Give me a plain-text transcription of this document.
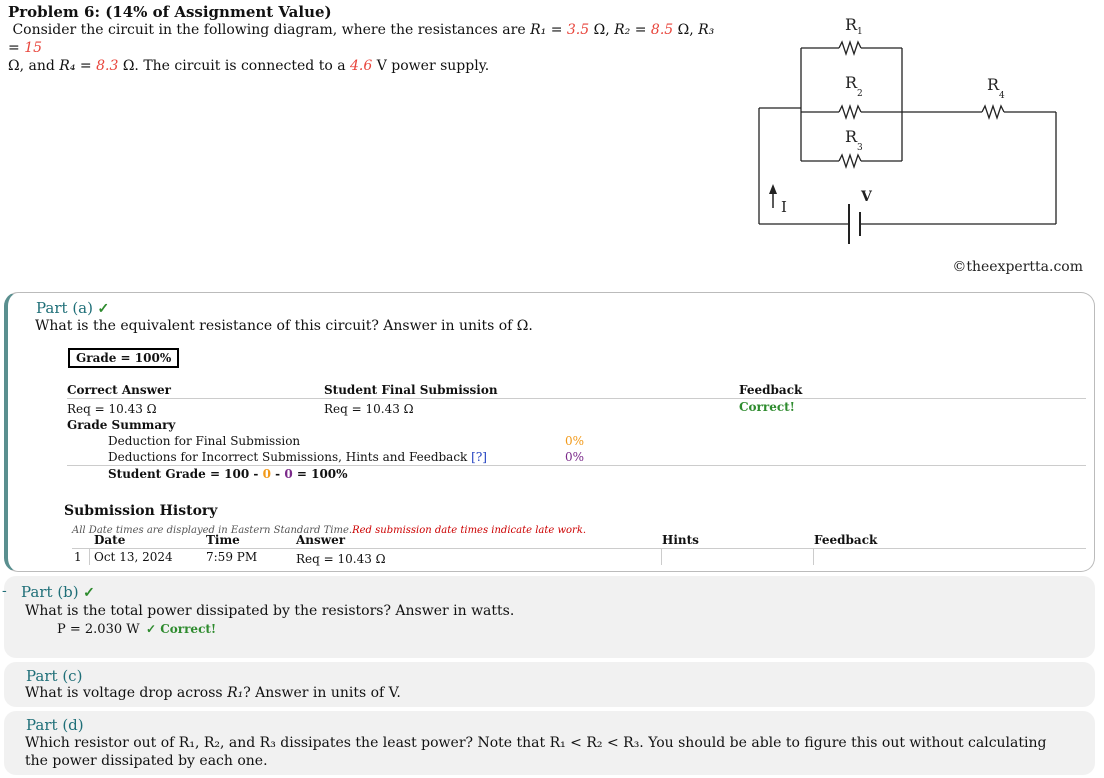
Problem 6: (14% of Assignment Value)
Consider the circuit in the following diagram, where the resistances are R₁ = 3.5 Ω, R₂ = 8.5 Ω, R₃ = 15
Ω, and R₄ = 8.3 Ω. The circuit is connected to a 4.6 V power supply.
R 1
R
2
R
3
R
4
V
I
©theexpertta.com
Part (a) ✓
What is the equivalent resistance of this circuit? Answer in units of Ω.
Grade = 100%
Correct Answer	Student Final Submission	Feedback
Req = 10.43 Ω	Req = 10.43 Ω	Correct!
Grade Summary
Deduction for Final Submission	0%
Deductions for Incorrect Submissions, Hints and Feedback [?]	0%
Student Grade = 100 - 0 - 0 = 100%
Submission History
All Date times are displayed in Eastern Standard Time.Red submission date times indicate late work.
Date	Time	Answer	Hints	Feedback
1 Oct 13, 2024	7:59 PM	Req = 10.43 Ω
- Part (b) ✓
What is the total power dissipated by the resistors? Answer in watts.
P = 2.030 W ✓ Correct!
Part (c)
What is voltage drop across R₁? Answer in units of V.
Part (d)
Which resistor out of R₁, R₂, and R₃ dissipates the least power? Note that R₁ < R₂ < R₃. You should be able to figure this out without calculating the power dissipated by each one.
